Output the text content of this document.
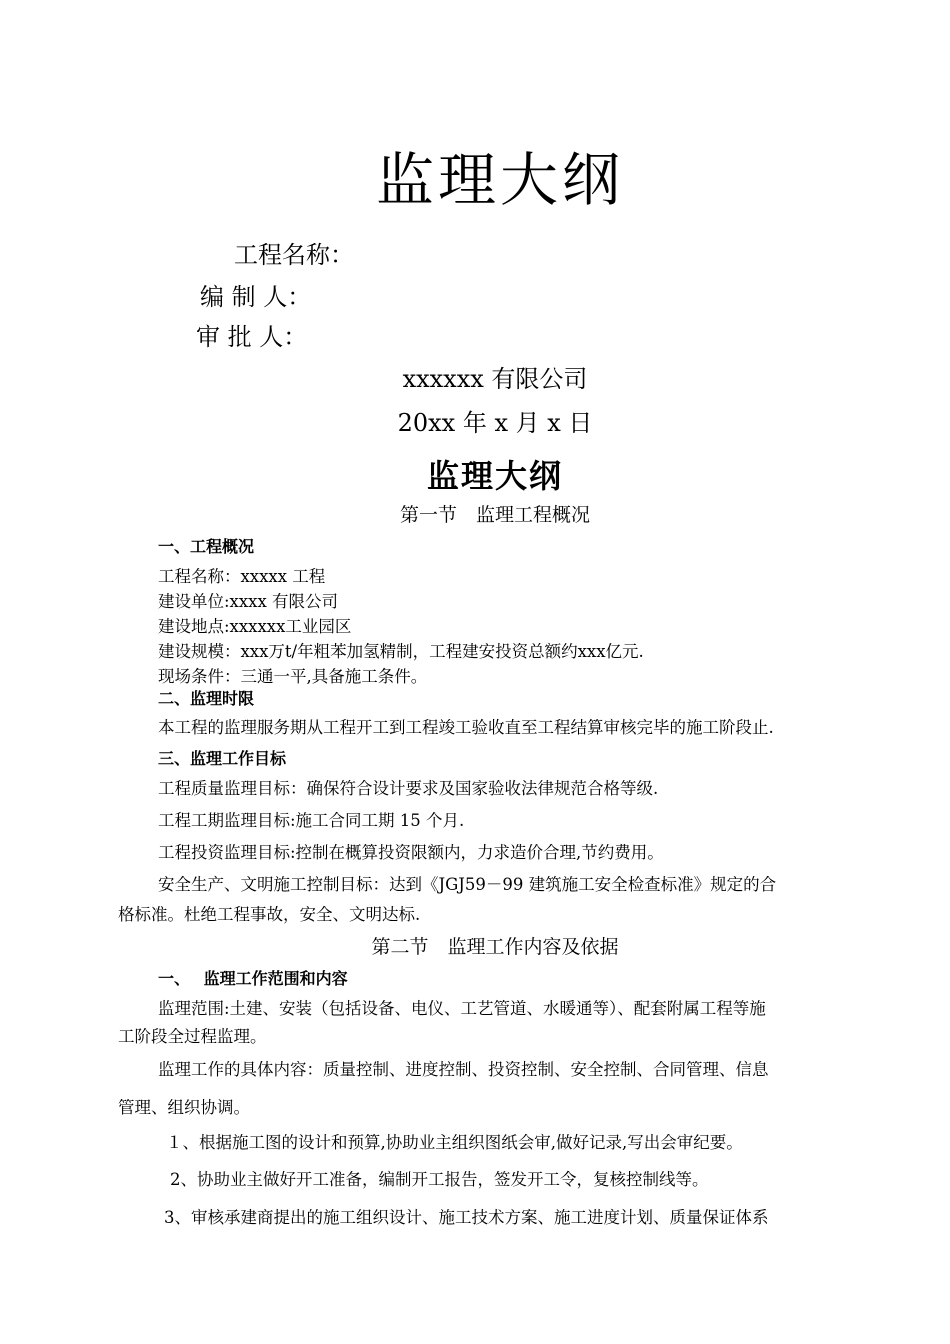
监理大纲
工程名称：
编 制 人：
审 批 人：
xxxxxx 有限公司
20xx 年 x 月 x 日
监理大纲
第一节　监理工程概况
一、工程概况
工程名称：xxxxx 工程
建设单位:xxxx 有限公司
建设地点:xxxxxx工业园区
建设规模：xxx万t/年粗苯加氢精制，工程建安投资总额约xxx亿元.
现场条件：三通一平,具备施工条件。
二、监理时限
本工程的监理服务期从工程开工到工程竣工验收直至工程结算审核完毕的施工阶段止.
三、监理工作目标
工程质量监理目标：确保符合设计要求及国家验收法律规范合格等级.
工程工期监理目标:施工合同工期 15 个月.
工程投资监理目标:控制在概算投资限额内，力求造价合理,节约费用。
安全生产、文明施工控制目标：达到《JGJ59－99 建筑施工安全检查标准》规定的合
格标准。杜绝工程事故，安全、文明达标.
第二节　监理工作内容及依据
一、　 监理工作范围和内容
监理范围:土建、安装（包括设备、电仪、工艺管道、水暖通等）、配套附属工程等施
工阶段全过程监理。
监理工作的具体内容：质量控制、进度控制、投资控制、安全控制、合同管理、信息
管理、组织协调。
１、根据施工图的设计和预算,协助业主组织图纸会审,做好记录,写出会审纪要。
2、协助业主做好开工准备，编制开工报告，签发开工令，复核控制线等。
3、审核承建商提出的施工组织设计、施工技术方案、施工进度计划、质量保证体系
